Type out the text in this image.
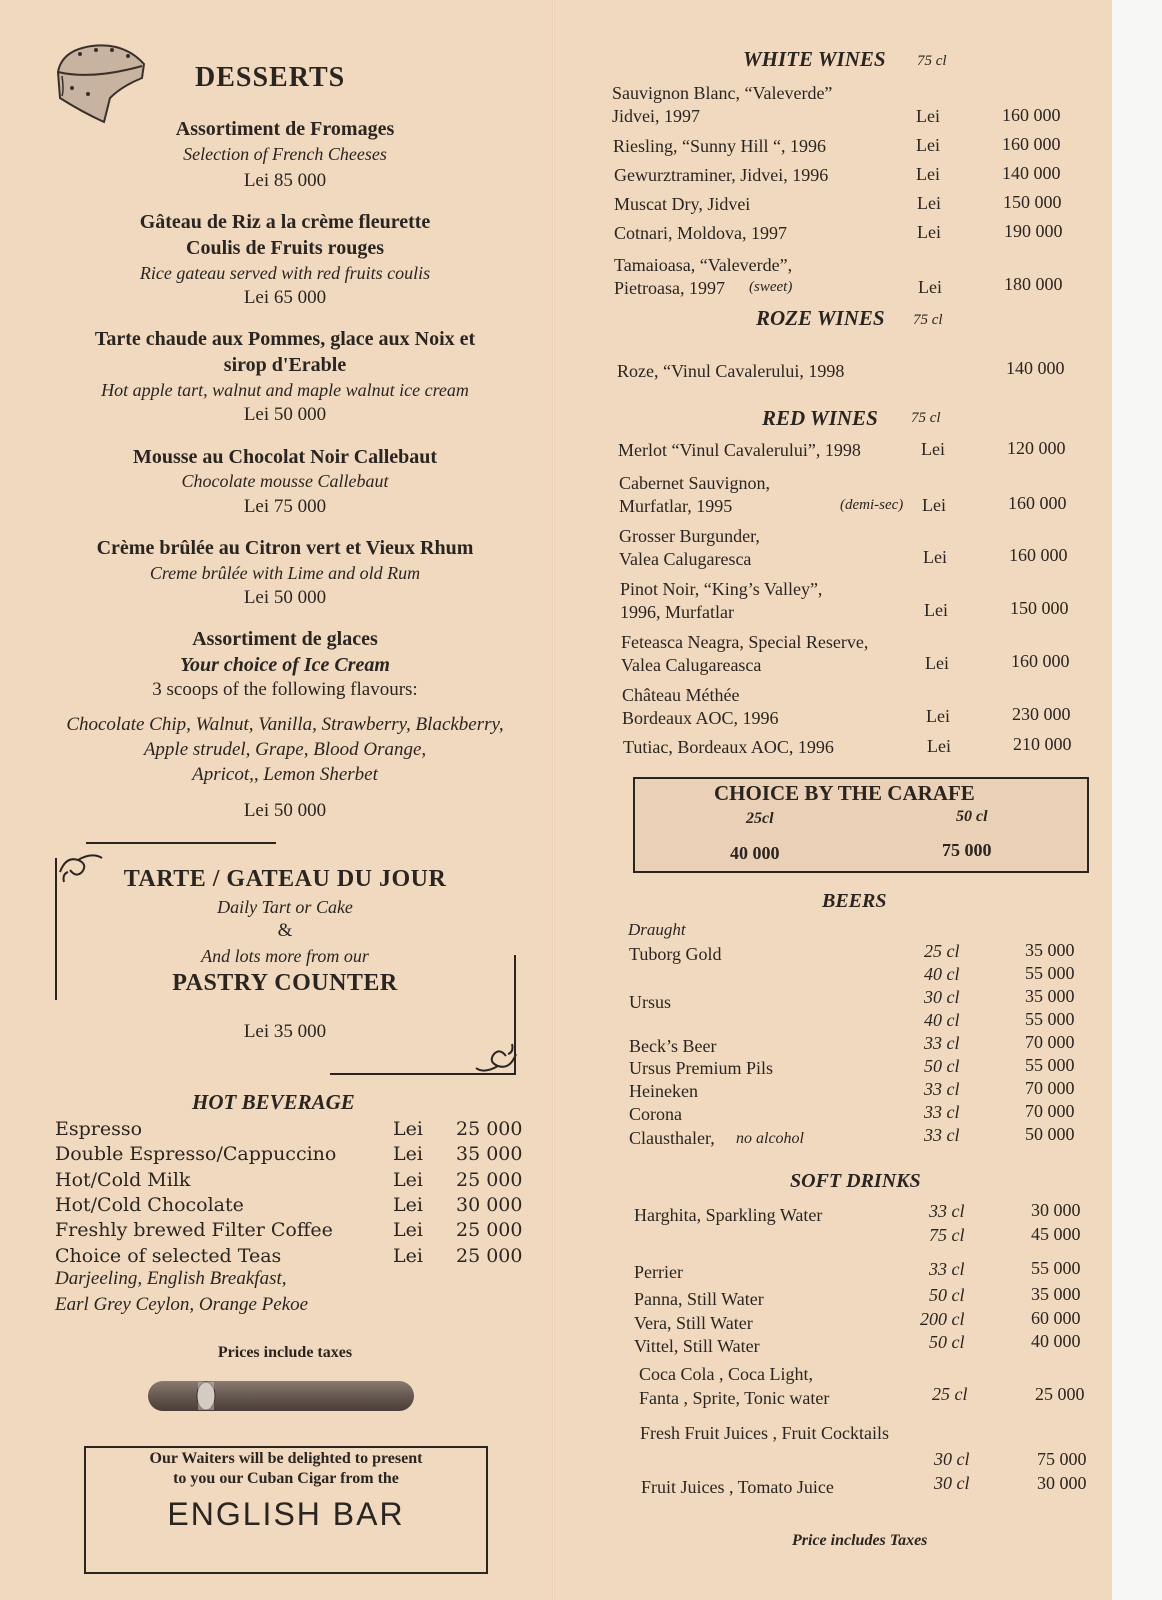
DESSERTS
Assortiment de Fromages
Selection of French Cheeses
Lei 85 000
Gâteau de Riz a la crème fleurette
Coulis de Fruits rouges
Rice gateau served with red fruits coulis
Lei 65 000
Tarte chaude aux Pommes, glace aux Noix et
sirop d'Erable
Hot apple tart, walnut and maple walnut ice cream
Lei 50 000
Mousse au Chocolat Noir Callebaut
Chocolate mousse Callebaut
Lei 75 000
Crème brûlée au Citron vert et Vieux Rhum
Creme brûlée with Lime and old Rum
Lei 50 000
Assortiment de glaces
Your choice of Ice Cream
3 scoops of the following flavours:
Chocolate Chip, Walnut, Vanilla, Strawberry, Blackberry,
Apple strudel, Grape, Blood Orange,
Apricot,, Lemon Sherbet
Lei 50 000
TARTE / GATEAU DU JOUR
Daily Tart or Cake
&
And lots more from our
PASTRY COUNTER
Lei 35 000
HOT BEVERAGE
Espresso	Lei 25 000
Double Espresso/Cappuccino	Lei 35 000
Hot/Cold Milk	Lei 25 000
Hot/Cold Chocolate	Lei 30 000
Freshly brewed Filter Coffee	Lei 25 000
Choice of selected Teas	Lei 25 000
Darjeeling, English Breakfast,
Earl Grey Ceylon, Orange Pekoe
Prices include taxes
Our Waiters will be delighted to present
to you our Cuban Cigar from the
ENGLISH BAR
WHITE WINES 75 cl
Sauvignon Blanc, “Valeverde”
Jidvei, 1997	Lei	160 000
Riesling, “Sunny Hill “, 1996	Lei	160 000
Gewurztraminer, Jidvei, 1996	Lei	140 000
Muscat Dry, Jidvei	Lei	150 000
Cotnari, Moldova, 1997	Lei	190 000
Tamaioasa, “Valeverde”,
Pietroasa, 1997 (sweet)	Lei	180 000
ROZE WINES 75 cl
Roze, “Vinul Cavalerului, 1998	140 000
RED WINES 75 cl
Merlot “Vinul Cavalerului”, 1998	Lei	120 000
Cabernet Sauvignon,
Murfatlar, 1995	(demi-sec) Lei	160 000
Grosser Burgunder,
Valea Calugaresca	Lei	160 000
Pinot Noir, “King’s Valley”,
1996, Murfatlar	Lei	150 000
Feteasca Neagra, Special Reserve,
Valea Calugareasca	Lei	160 000
Château Méthée
Bordeaux AOC, 1996	Lei	230 000
Tutiac, Bordeaux AOC, 1996	Lei	210 000
CHOICE BY THE CARAFE
25cl	50 cl
40 000	75 000
BEERS
Draught
Tuborg Gold	25 cl	35 000
40 cl	55 000
Ursus	30 cl	35 000
40 cl	55 000
Beck’s Beer	33 cl	70 000
Ursus Premium Pils	50 cl	55 000
Heineken	33 cl	70 000
Corona	33 cl	70 000
Clausthaler, no alcohol	33 cl	50 000
SOFT DRINKS
Harghita, Sparkling Water	33 cl	30 000
75 cl	45 000
Perrier	33 cl	55 000
Panna, Still Water	50 cl	35 000
Vera, Still Water	200 cl	60 000
Vittel, Still Water	50 cl	40 000
Coca Cola , Coca Light,
Fanta , Sprite, Tonic water	25 cl	25 000
Fresh Fruit Juices , Fruit Cocktails
30 cl	75 000
Fruit Juices , Tomato Juice	30 cl	30 000
Price includes Taxes
